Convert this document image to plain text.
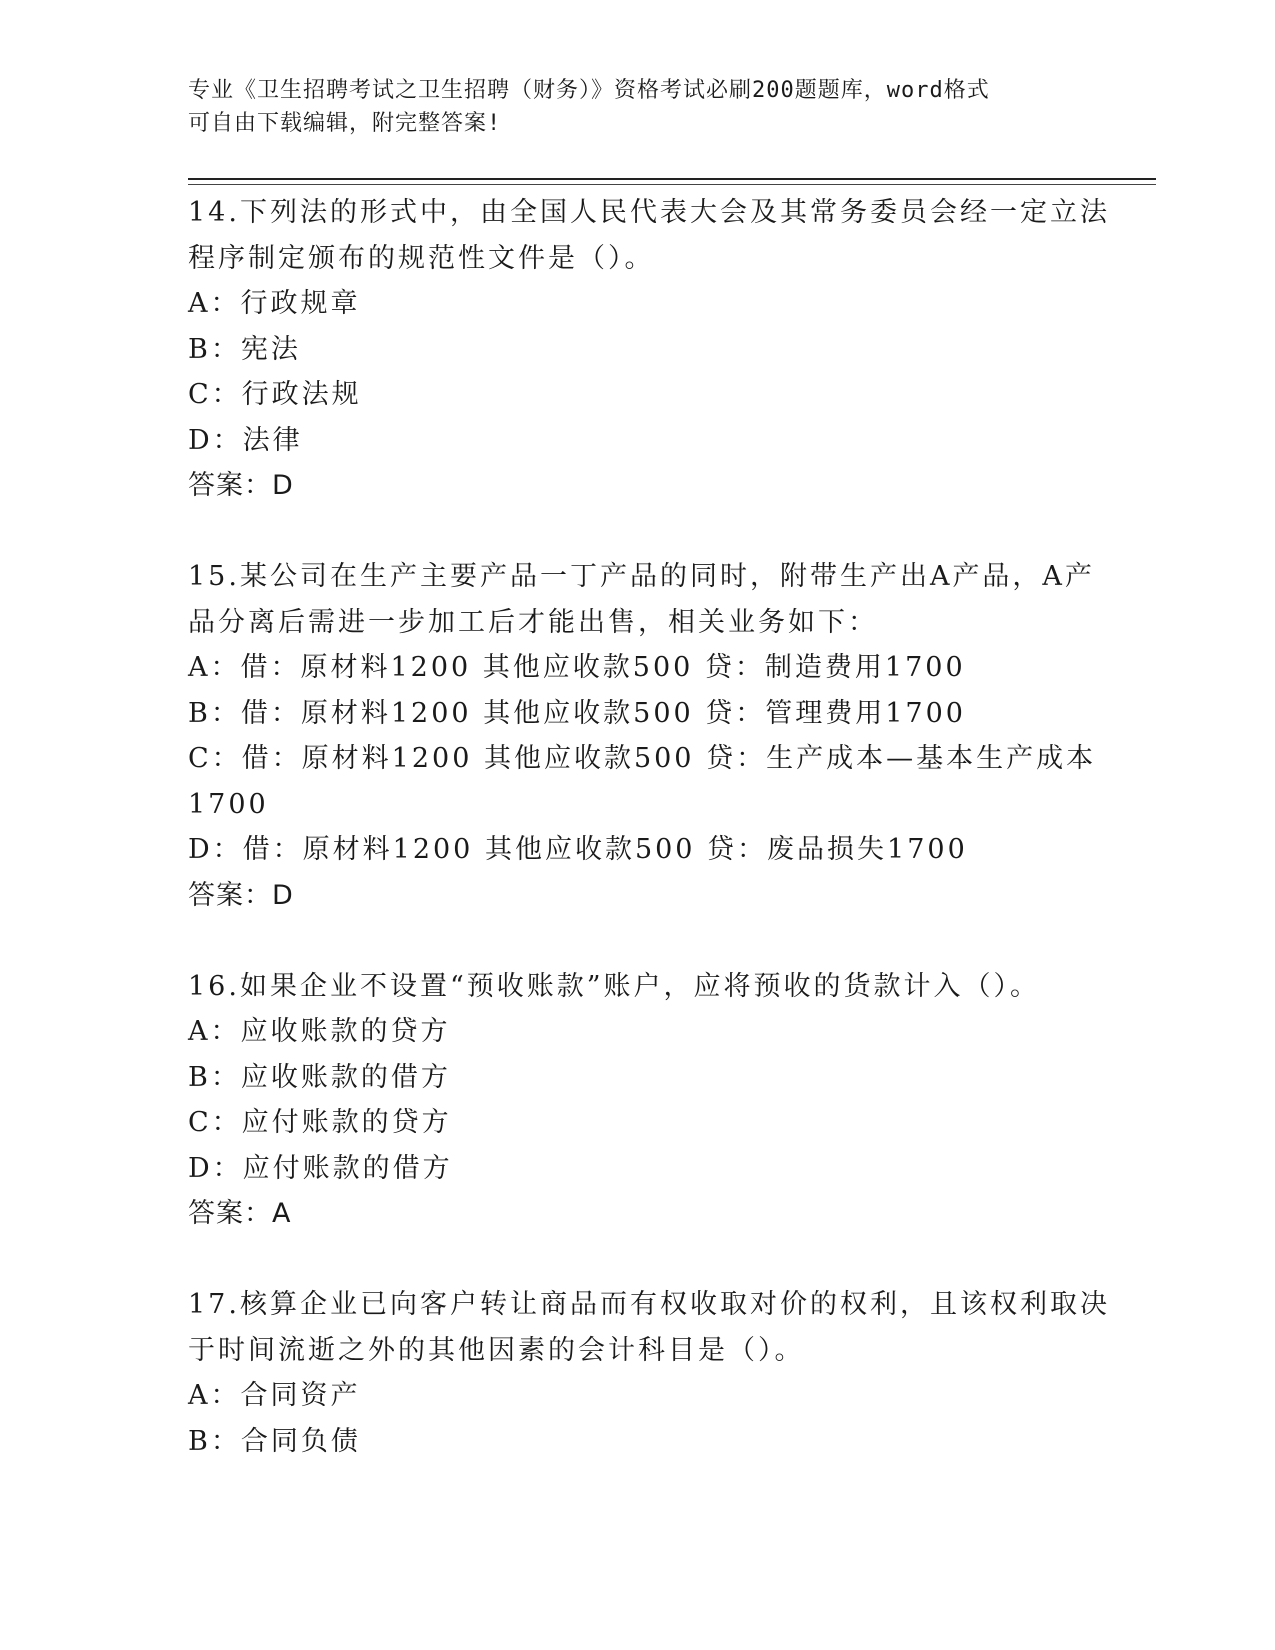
专业《卫生招聘考试之卫生招聘（财务）》资格考试必刷200题题库，word格式
可自由下载编辑，附完整答案!
14.下列法的形式中，由全国人民代表大会及其常务委员会经一定立法
程序制定颁布的规范性文件是（）。
A：行政规章
B：宪法
C：行政法规
D：法律
答案：D
15.某公司在生产主要产品一丁产品的同时，附带生产出A产品，A产
品分离后需进一步加工后才能出售，相关业务如下：
A：借：原材料1200 其他应收款500 贷：制造费用1700
B：借：原材料1200 其他应收款500 贷：管理费用1700
C：借：原材料1200 其他应收款500 贷：生产成本—基本生产成本
1700
D：借：原材料1200 其他应收款500 贷：废品损失1700
答案：D
16.如果企业不设置“预收账款”账户，应将预收的货款计入（）。
A：应收账款的贷方
B：应收账款的借方
C：应付账款的贷方
D：应付账款的借方
答案：A
17.核算企业已向客户转让商品而有权收取对价的权利，且该权利取决
于时间流逝之外的其他因素的会计科目是（）。
A：合同资产
B：合同负债
